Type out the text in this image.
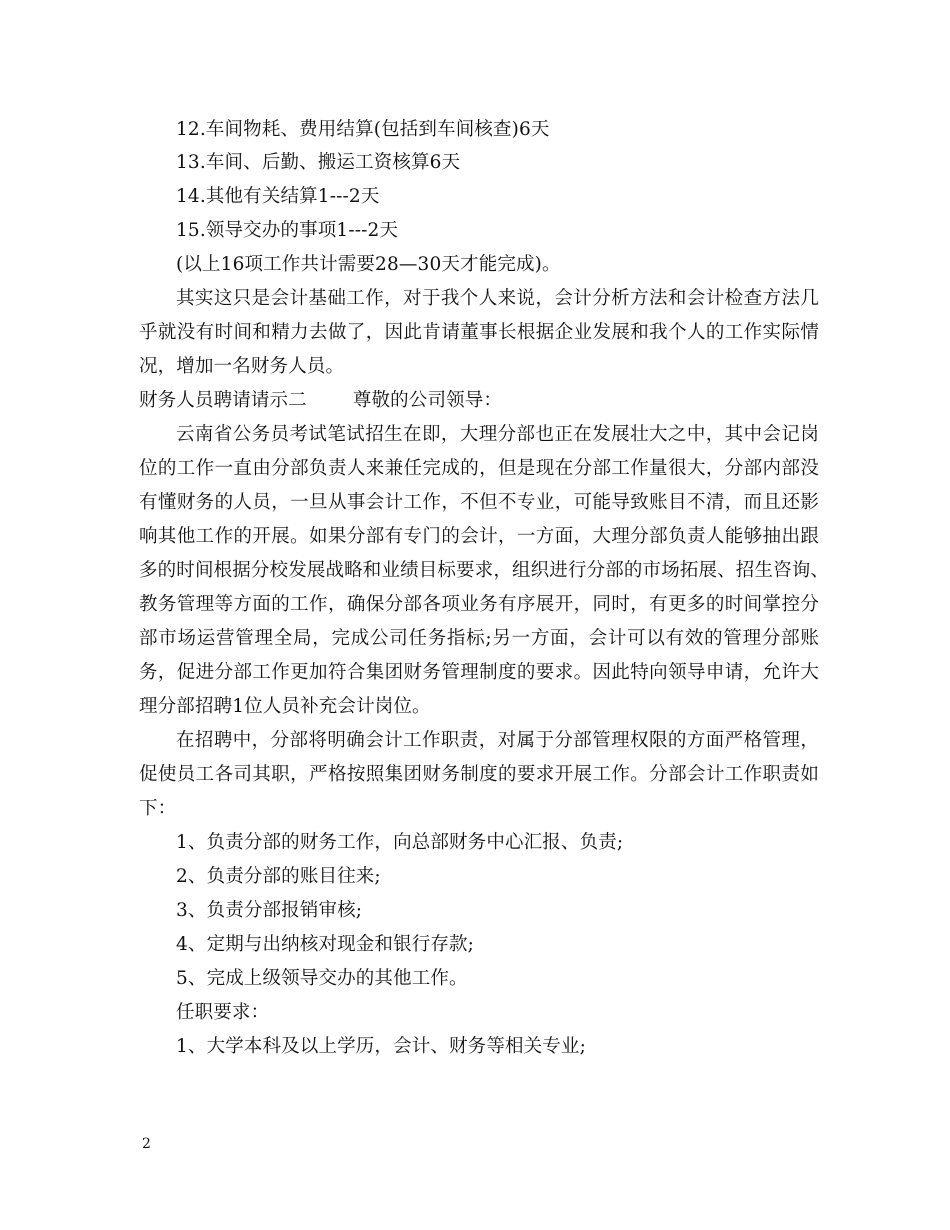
12.车间物耗、费用结算(包括到车间核查)6天
13.车间、后勤、搬运工资核算6天
14.其他有关结算1---2天
15.领导交办的事项1---2天
(以上16项工作共计需要28—30天才能完成)。
其实这只是会计基础工作，对于我个人来说，会计分析方法和会计检查方法几
乎就没有时间和精力去做了，因此肯请董事长根据企业发展和我个人的工作实际情
况，增加一名财务人员。
财务人员聘请请示二 尊敬的公司领导：
云南省公务员考试笔试招生在即，大理分部也正在发展壮大之中，其中会记岗
位的工作一直由分部负责人来兼任完成的，但是现在分部工作量很大，分部内部没
有懂财务的人员，一旦从事会计工作，不但不专业，可能导致账目不清，而且还影
响其他工作的开展。如果分部有专门的会计，一方面，大理分部负责人能够抽出跟
多的时间根据分校发展战略和业绩目标要求，组织进行分部的市场拓展、招生咨询、
教务管理等方面的工作，确保分部各项业务有序展开，同时，有更多的时间掌控分
部市场运营管理全局，完成公司任务指标;另一方面，会计可以有效的管理分部账
务，促进分部工作更加符合集团财务管理制度的要求。因此特向领导申请，允许大
理分部招聘1位人员补充会计岗位。
在招聘中，分部将明确会计工作职责，对属于分部管理权限的方面严格管理，
促使员工各司其职，严格按照集团财务制度的要求开展工作。分部会计工作职责如
下：
1、负责分部的财务工作，向总部财务中心汇报、负责;
2、负责分部的账目往来;
3、负责分部报销审核;
4、定期与出纳核对现金和银行存款;
5、完成上级领导交办的其他工作。
任职要求：
1、大学本科及以上学历，会计、财务等相关专业;
2
